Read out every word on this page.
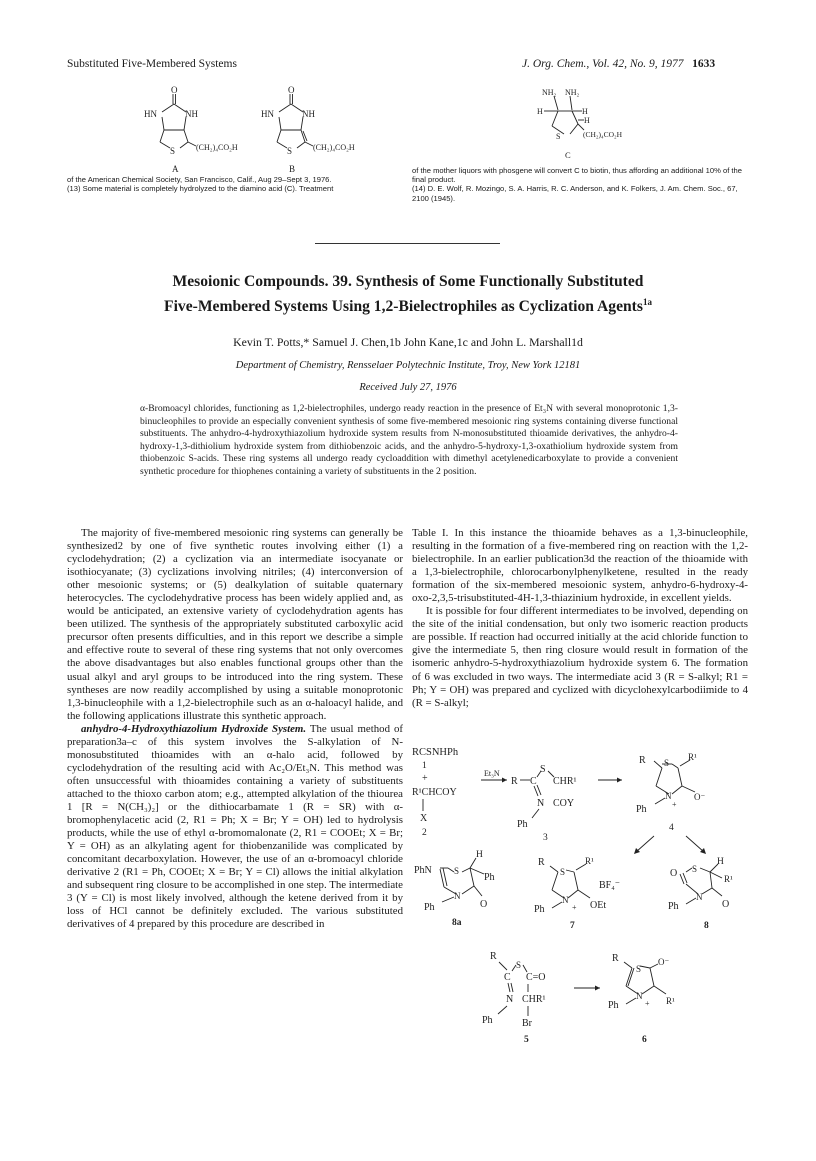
Substituted Five-Membered Systems	J. Org. Chem., Vol. 42, No. 9, 1977 1633
O
HN	NH
S	(CH₂)₄CO₂H
A
O
HN	NH
S	(CH₂)₄CO₂H
B
NH₂ NH₂
H	H
H
S	(CH₂)₄CO₂H
C

of the American Chemical Society, San Francisco, Calif., Aug 29–Sept 3, 1976.

(13) Some material is completely hydrolyzed to the diamino acid (C). Treatment

of the mother liquors with phosgene will convert C to biotin, thus affording an additional 10% of the final product.

(14) D. E. Wolf, R. Mozingo, S. A. Harris, R. C. Anderson, and K. Folkers, J. Am. Chem. Soc., 67, 2100 (1945).

Mesoionic Compounds. 39. Synthesis of Some Functionally Substituted
Five-Membered Systems Using 1,2-Bielectrophiles as Cyclization Agents$^{1a}$
Kevin T. Potts,* Samuel J. Chen,1b John Kane,1c and John L. Marshall1d
Department of Chemistry, Rensselaer Polytechnic Institute, Troy, New York 12181
Received July 27, 1976
α-Bromoacyl chlorides, functioning as 1,2-bielectrophiles, undergo ready reaction in the presence of Et₃N with several monoprotonic 1,3-binucleophiles to provide an especially convenient synthesis of some five-membered mesoionic ring systems containing diverse functional substituents. The anhydro-4-hydroxythiazolium hydroxide system results from N-monosubstituted thioamide derivatives, the anhydro-4-hydroxy-1,3-dithiolium hydroxide system from dithiobenzoic acids, and the anhydro-5-hydroxy-1,3-oxathiolium hydroxide system from thiobenzoic S-acids. These ring systems all undergo ready cycloaddition with dimethyl acetylenedicarboxylate to provide a convenient synthetic procedure for thiophenes containing a variety of substituents in the 2 position.

The majority of five-membered mesoionic ring systems can generally be synthesized2 by one of five synthetic routes involving either (1) a cyclodehydration; (2) a cyclization via an intermediate isocyanate or isothiocyanate; (3) cyclizations involving nitriles; (4) interconversion of other mesoionic systems; or (5) dealkylation of suitable quaternary heterocycles. The cyclodehydrative process has been widely applied and, as would be anticipated, an extensive variety of cyclodehydration agents has been utilized. The synthesis of the appropriately substituted carboxylic acid precursor often presents difficulties, and in this report we describe a simple and effective route to several of these ring systems that not only overcomes the above disadvantages but also enables functional groups other than the usual alkyl and aryl groups to be introduced into the ring system. These syntheses are now readily accomplished by using a suitable monoprotonic 1,3-binucleophile with a 1,2-bielectrophile such as an α-haloacyl halide, and the following applications illustrate this synthetic approach.

anhydro-4-Hydroxythiazolium Hydroxide System. The usual method of preparation3a–c of this system involves the S-alkylation of N-monosubstituted thioamides with an α-halo acid, followed by cyclodehydration of the resulting acid with Ac₂O/Et₃N. This method was often unsuccessful with thioamides containing a variety of substituents attached to the thioxo carbon atom; e.g., attempted alkylation of the thiourea 1 [R = N(CH₃)₂] or the dithiocarbamate 1 (R = SR) with α-bromophenylacetic acid (2, R1 = Ph; X = Br; Y = OH) led to hydrolysis products, while the use of ethyl α-bromomalonate (2, R1 = COOEt; X = Br; Y = OH) as an alkylating agent for thiobenzanilide was complicated by concomitant decarboxylation. However, the use of an α-bromoacyl chloride derivative 2 (R1 = Ph, COOEt; X = Br; Y = Cl) allows the initial alkylation and subsequent ring closure to be accomplished in one step. The intermediate 3 (Y = Cl) is most likely involved, although the ketene derived from it by loss of HCl cannot be definitely excluded. The various substituted derivatives of 4 prepared by this procedure are described in

Table I. In this instance the thioamide behaves as a 1,3-binucleophile, resulting in the formation of a five-membered ring on reaction with the 1,2-bielectrophile. In an earlier publication3d the reaction of the thioamide with a 1,3-bielectrophile, chlorocarbonylphenylketene, resulted in the ready formation of the six-membered mesoionic system, anhydro-6-hydroxy-4-oxo-2,3,5-trisubstituted-4H-1,3-thiazinium hydroxide, in excellent yields.

It is possible for four different intermediates to be involved, depending on the site of the initial condensation, but only two isomeric reaction products are possible. If reaction had occurred initially at the acid chloride function to give the intermediate 5, then ring closure would result in formation of the isomeric anhydro-5-hydroxythiazolium hydroxide system 6. The formation of 6 was excluded in two ways. The intermediate acid 3 (R = S-alkyl; R1 = Ph; Y = OH) was prepared and cyclized with dicyclohexylcarbodiimide to 4 (R = S-alkyl;

RCSNHPh
1
+
R¹CHCOY
X
2
Et₃N
R C
S
CHR¹
N COY
Ph
3
R S
R¹
N
+
Ph
O⁻
4
PhN S
H
Ph
N
Ph	O
8a
R
S
R¹
BF₄⁻
N
+
Ph	OEt
7
O S
H
R¹
N
Ph	O
8
R
C
S
C=O
N CHR¹
Br
Ph
5
R
S
O⁻
N
+
Ph	R¹
6
